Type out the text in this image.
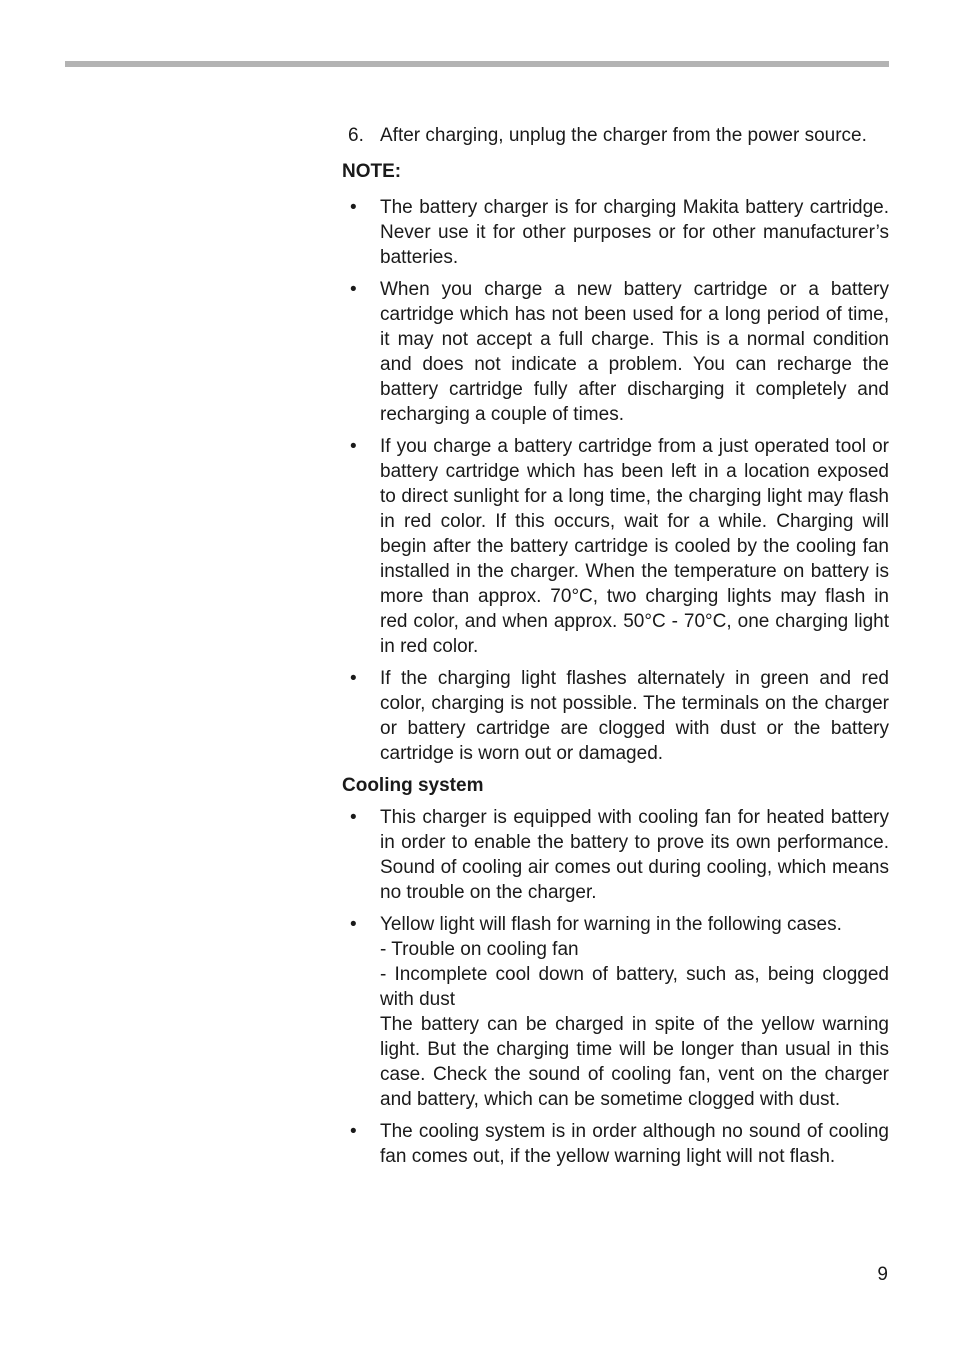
6. After charging, unplug the charger from the power source.
NOTE:
•	The battery charger is for charging Makita battery cartridge. Never use it for other purposes or for other manufacturer’s batteries.
•	When you charge a new battery cartridge or a battery cartridge which has not been used for a long period of time, it may not accept a full charge. This is a normal condition and does not indicate a problem. You can recharge the battery cartridge fully after discharging it completely and recharging a couple of times.
•	If you charge a battery cartridge from a just operated tool or battery cartridge which has been left in a location exposed to direct sunlight for a long time, the charging light may flash in red color. If this occurs, wait for a while. Charging will begin after the battery cartridge is cooled by the cooling fan installed in the charger. When the temperature on battery is more than approx. 70°C, two charging lights may flash in red color, and when approx. 50°C - 70°C, one charging light in red color.
•	If the charging light flashes alternately in green and red color, charging is not possible. The terminals on the charger or battery cartridge are clogged with dust or the battery cartridge is worn out or damaged.
Cooling system
•	This charger is equipped with cooling fan for heated battery in order to enable the battery to prove its own performance. Sound of cooling air comes out during cooling, which means no trouble on the charger.
•	Yellow light will flash for warning in the following cases.
- Trouble on cooling fan
- Incomplete cool down of battery, such as, being clogged with dust
The battery can be charged in spite of the yellow warning light. But the charging time will be longer than usual in this case. Check the sound of cooling fan, vent on the charger and battery, which can be sometime clogged with dust.
•	The cooling system is in order although no sound of cooling fan comes out, if the yellow warning light will not flash.
9
